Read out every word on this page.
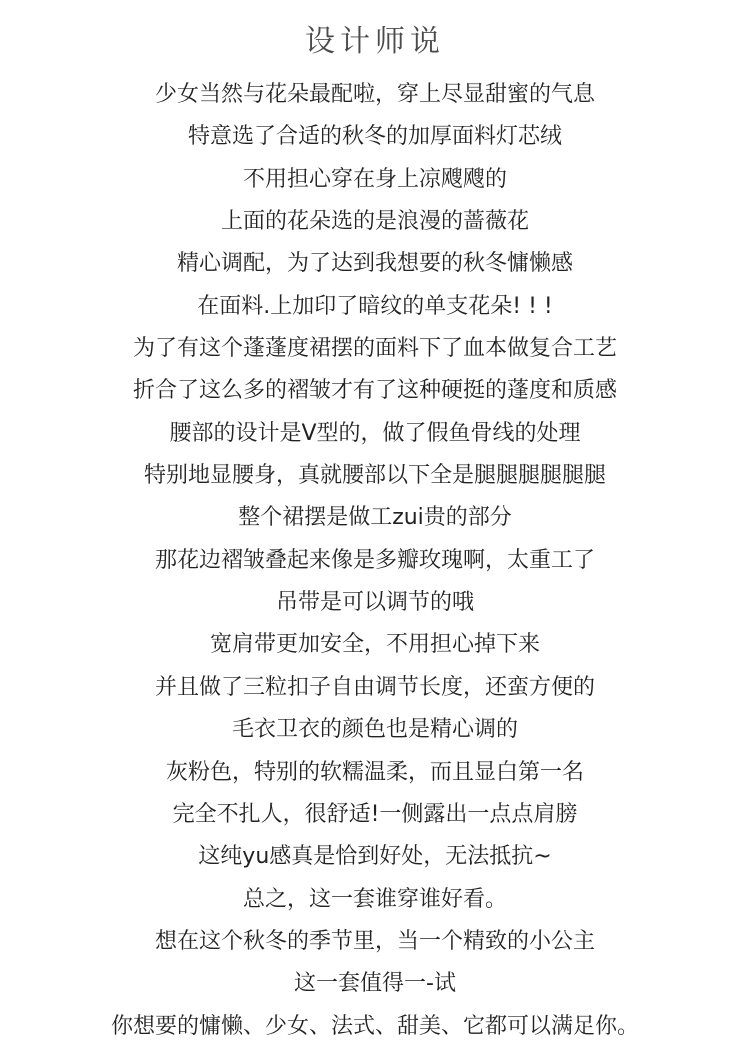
设计师说
少女当然与花朵最配啦，穿上尽显甜蜜的气息
特意选了合适的秋冬的加厚面料灯芯绒
不用担心穿在身上凉飕飕的
上面的花朵选的是浪漫的蔷薇花
精心调配，为了达到我想要的秋冬慵懒感
在面料.上加印了暗纹的单支花朵! ! !
为了有这个蓬蓬度裙摆的面料下了血本做复合工艺
折合了这么多的褶皱才有了这种硬挺的蓬度和质感
腰部的设计是V型的，做了假鱼骨线的处理
特别地显腰身，真就腰部以下全是腿腿腿腿腿腿
整个裙摆是做工zui贵的部分
那花边褶皱叠起来像是多瓣玫瑰啊，太重工了
吊带是可以调节的哦
宽肩带更加安全，不用担心掉下来
并且做了三粒扣子自由调节长度，还蛮方便的
毛衣卫衣的颜色也是精心调的
灰粉色，特别的软糯温柔，而且显白第一名
完全不扎人，很舒适!一侧露出一点点肩膀
这纯yu感真是恰到好处，无法抵抗~
总之，这一套谁穿谁好看。
想在这个秋冬的季节里，当一个精致的小公主
这一套值得一-试
你想要的慵懒、少女、法式、甜美、它都可以满足你。
